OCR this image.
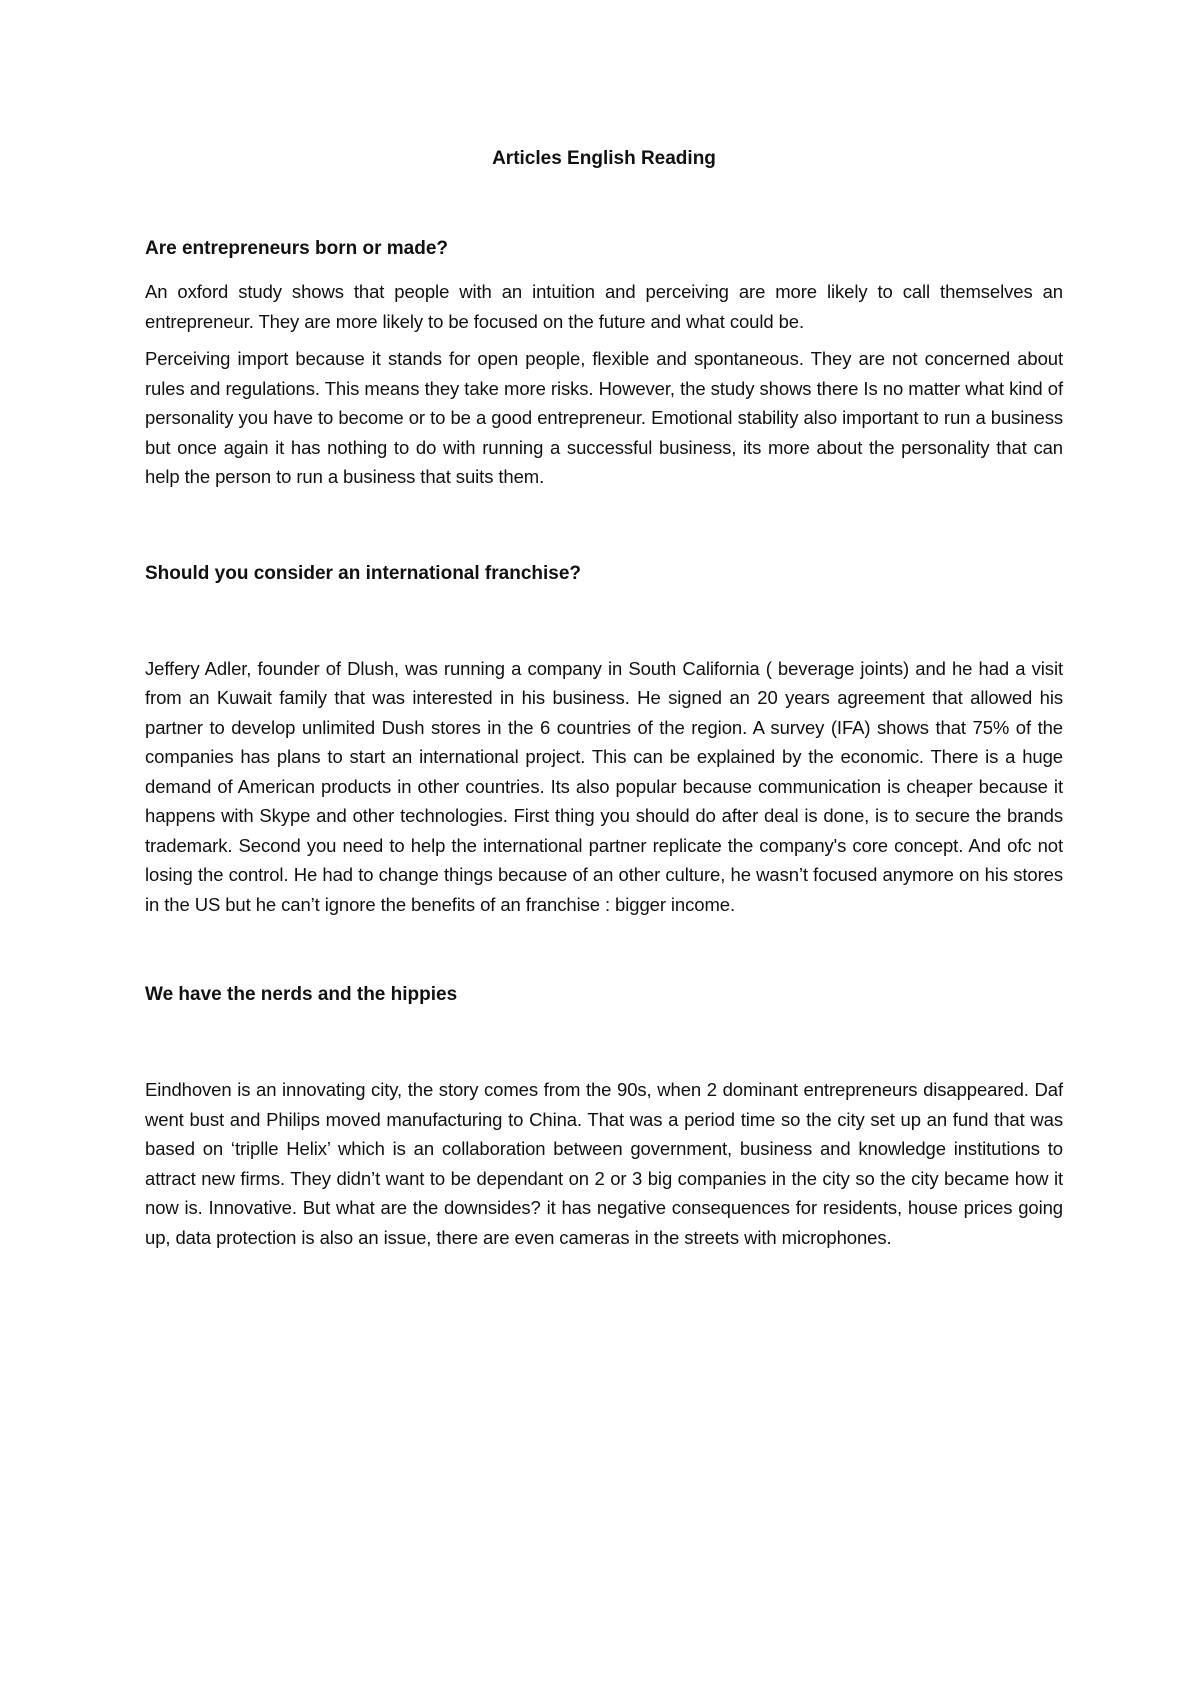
Articles English Reading
Are entrepreneurs born or made?

An oxford study shows that people with an intuition and perceiving are more likely to call themselves an entrepreneur. They are more likely to be focused on the future and what could be.

Perceiving import because it stands for open people, flexible and spontaneous. They are not concerned about rules and regulations. This means they take more risks. However, the study shows there Is no matter what kind of personality you have to become or to be a good entrepreneur. Emotional stability also important to run a business but once again it has nothing to do with running a successful business, its more about the personality that can help the person to run a business that suits them.

Should you consider an international franchise?

Jeffery Adler, founder of Dlush, was running a company in South California ( beverage joints) and he had a visit from an Kuwait family that was interested in his business. He signed an 20 years agreement that allowed his partner to develop unlimited Dush stores in the 6 countries of the region. A survey (IFA) shows that 75% of the companies has plans to start an international project. This can be explained by the economic. There is a huge demand of American products in other countries. Its also popular because communication is cheaper because it happens with Skype and other technologies. First thing you should do after deal is done, is to secure the brands trademark. Second you need to help the international partner replicate the company's core concept. And ofc not losing the control. He had to change things because of an other culture, he wasn’t focused anymore on his stores in the US but he can’t ignore the benefits of an franchise : bigger income.

We have the nerds and the hippies

Eindhoven is an innovating city, the story comes from the 90s, when 2 dominant entrepreneurs disappeared. Daf went bust and Philips moved manufacturing to China. That was a period time so the city set up an fund that was based on ‘triplle Helix’ which is an collaboration between government, business and knowledge institutions to attract new firms. They didn’t want to be dependant on 2 or 3 big companies in the city so the city became how it now is. Innovative. But what are the downsides? it has negative consequences for residents, house prices going up, data protection is also an issue, there are even cameras in the streets with microphones.
